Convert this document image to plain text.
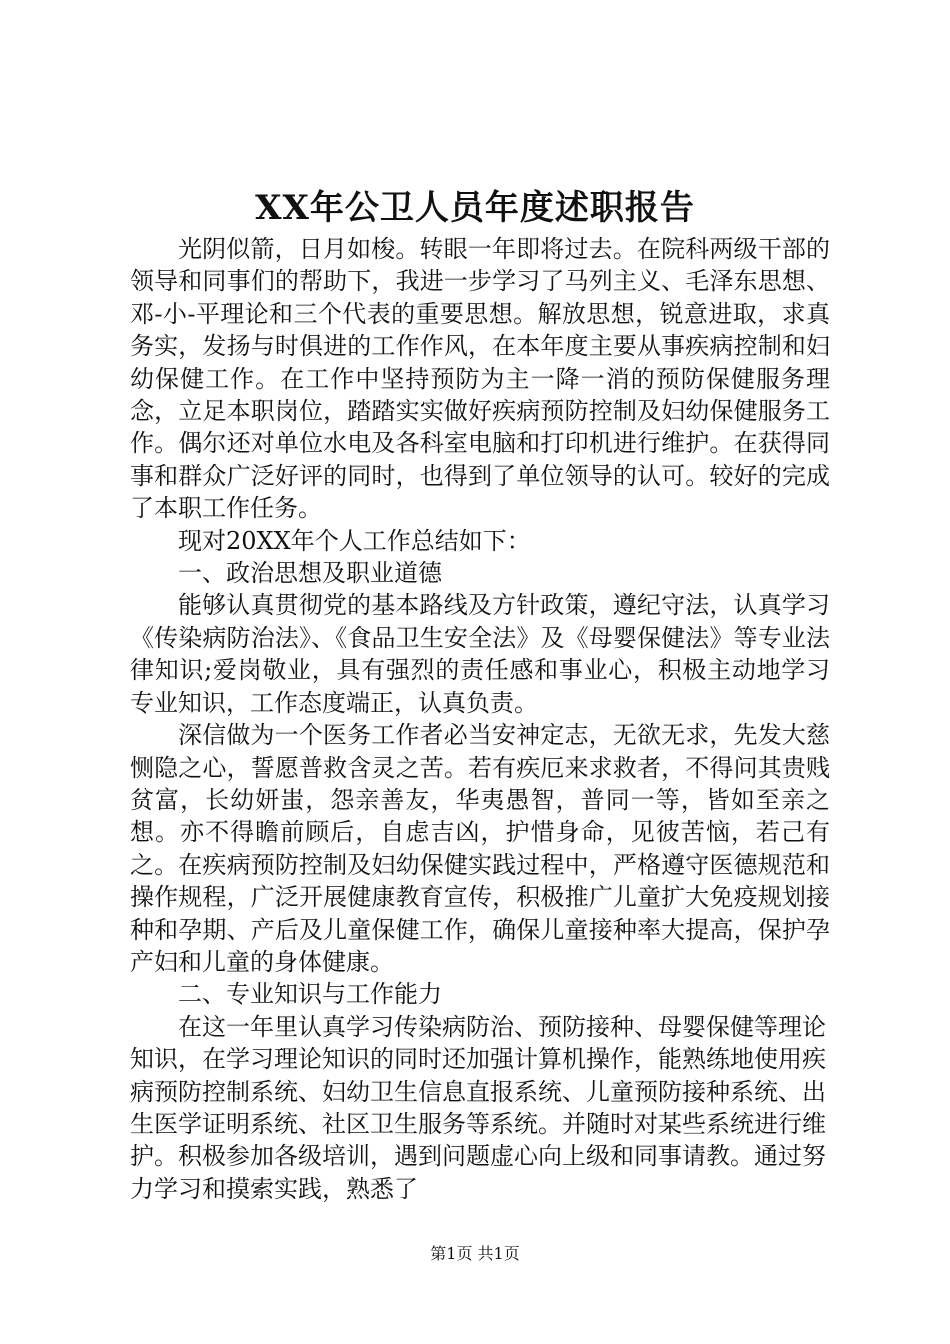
XX年公卫人员年度述职报告

光阴似箭，日月如梭。转眼一年即将过去。在院科两级干部的领导和同事们的帮助下，我进一步学习了马列主义、毛泽东思想、邓-小-平理论和三个代表的重要思想。解放思想，锐意进取，求真务实，发扬与时俱进的工作作风，在本年度主要从事疾病控制和妇幼保健工作。在工作中坚持预防为主一降一消的预防保健服务理念，立足本职岗位，踏踏实实做好疾病预防控制及妇幼保健服务工作。偶尔还对单位水电及各科室电脑和打印机进行维护。在获得同事和群众广泛好评的同时，也得到了单位领导的认可。较好的完成了本职工作任务。

现对20XX年个人工作总结如下：

一、政治思想及职业道德

能够认真贯彻党的基本路线及方针政策，遵纪守法，认真学习《传染病防治法》、《食品卫生安全法》及《母婴保健法》等专业法律知识;爱岗敬业，具有强烈的责任感和事业心，积极主动地学习专业知识，工作态度端正，认真负责。

深信做为一个医务工作者必当安神定志，无欲无求，先发大慈恻隐之心，誓愿普救含灵之苦。若有疾厄来求救者，不得问其贵贱贫富，长幼妍蚩，怨亲善友，华夷愚智，普同一等，皆如至亲之想。亦不得瞻前顾后，自虑吉凶，护惜身命，见彼苦恼，若己有之。在疾病预防控制及妇幼保健实践过程中，严格遵守医德规范和操作规程，广泛开展健康教育宣传，积极推广儿童扩大免疫规划接种和孕期、产后及儿童保健工作，确保儿童接种率大提高，保护孕产妇和儿童的身体健康。

二、专业知识与工作能力

在这一年里认真学习传染病防治、预防接种、母婴保健等理论知识，在学习理论知识的同时还加强计算机操作，能熟练地使用疾病预防控制系统、妇幼卫生信息直报系统、儿童预防接种系统、出生医学证明系统、社区卫生服务等系统。并随时对某些系统进行维护。积极参加各级培训，遇到问题虚心向上级和同事请教。通过努力学习和摸索实践，熟悉了

第1页 共1页
